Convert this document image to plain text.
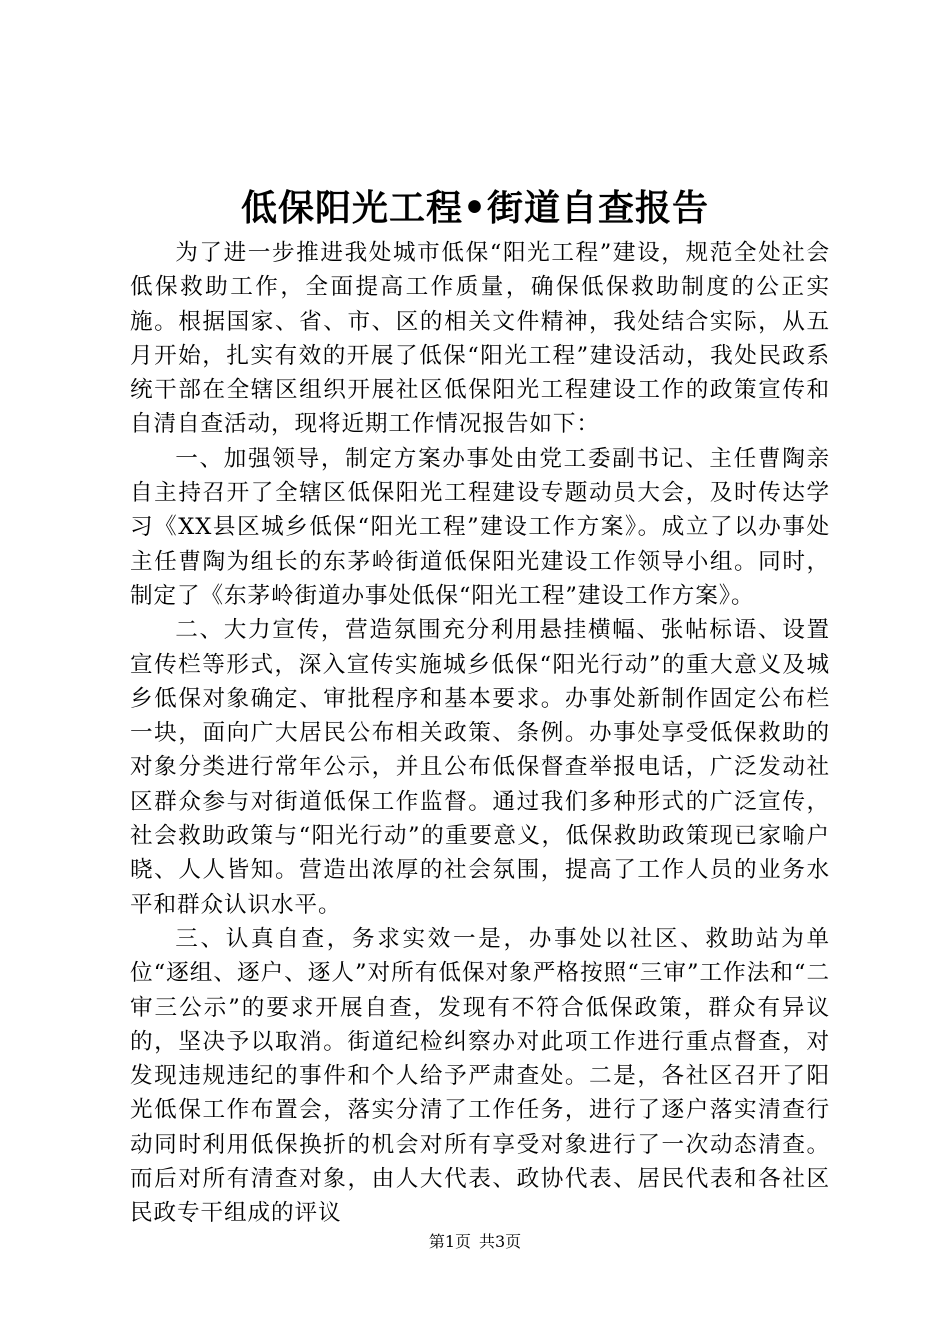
低保阳光工程•街道自查报告

为了进一步推进我处城市低保“阳光工程”建设，规范全处社会低保救助工作，全面提高工作质量，确保低保救助制度的公正实施。根据国家、省、市、区的相关文件精神，我处结合实际，从五月开始，扎实有效的开展了低保“阳光工程”建设活动，我处民政系统干部在全辖区组织开展社区低保阳光工程建设工作的政策宣传和自清自查活动，现将近期工作情况报告如下：

一、加强领导，制定方案办事处由党工委副书记、主任曹陶亲自主持召开了全辖区低保阳光工程建设专题动员大会，及时传达学习《XX县区城乡低保“阳光工程”建设工作方案》。成立了以办事处主任曹陶为组长的东茅岭街道低保阳光建设工作领导小组。同时，制定了《东茅岭街道办事处低保“阳光工程”建设工作方案》。

二、大力宣传，营造氛围充分利用悬挂横幅、张帖标语、设置宣传栏等形式，深入宣传实施城乡低保“阳光行动”的重大意义及城乡低保对象确定、审批程序和基本要求。办事处新制作固定公布栏一块，面向广大居民公布相关政策、条例。办事处享受低保救助的对象分类进行常年公示，并且公布低保督查举报电话，广泛发动社区群众参与对街道低保工作监督。通过我们多种形式的广泛宣传，社会救助政策与“阳光行动”的重要意义，低保救助政策现已家喻户晓、人人皆知。营造出浓厚的社会氛围，提高了工作人员的业务水平和群众认识水平。

三、认真自查，务求实效一是，办事处以社区、救助站为单位“逐组、逐户、逐人”对所有低保对象严格按照“三审”工作法和“二审三公示”的要求开展自查，发现有不符合低保政策，群众有异议的，坚决予以取消。街道纪检纠察办对此项工作进行重点督查，对发现违规违纪的事件和个人给予严肃查处。二是，各社区召开了阳光低保工作布置会，落实分清了工作任务，进行了逐户落实清查行动同时利用低保换折的机会对所有享受对象进行了一次动态清查。而后对所有清查对象，由人大代表、政协代表、居民代表和各社区民政专干组成的评议

第1页 共3页
